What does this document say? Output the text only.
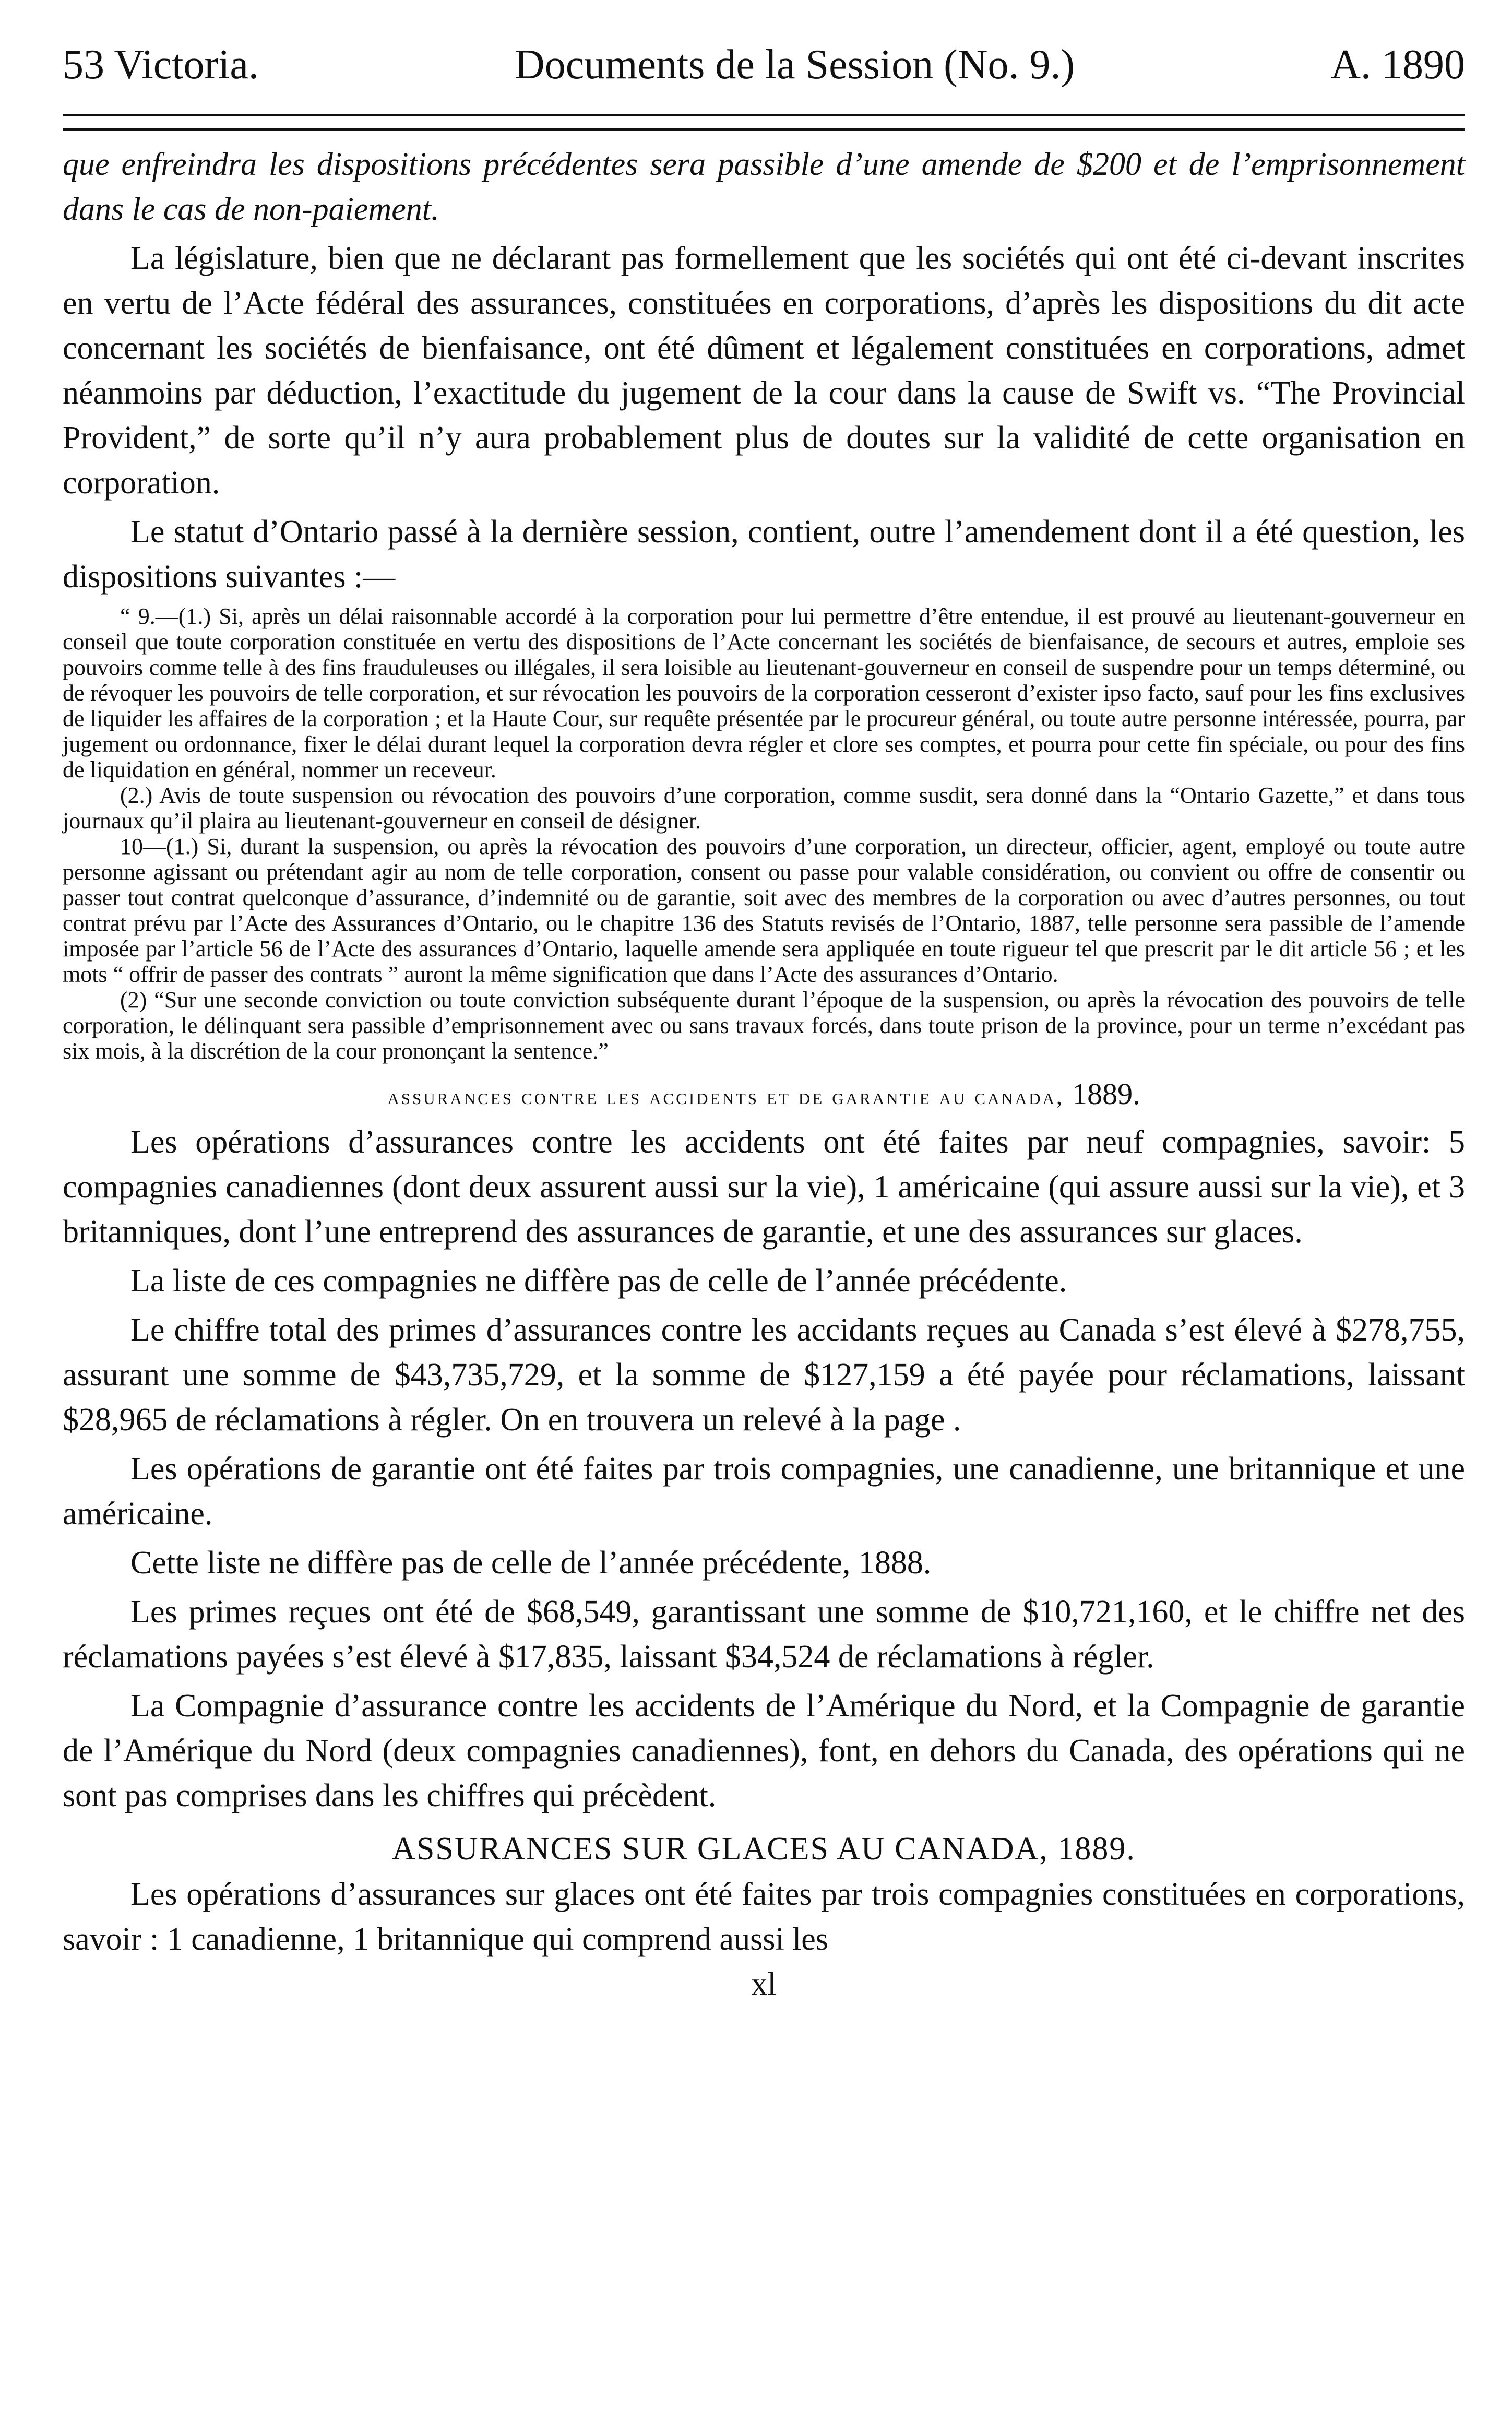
53 Victoria.	Documents de la Session (No. 9.)	A. 1890

que enfreindra les dispositions précédentes sera passible d’une amende de $200 et de l’emprisonnement dans le cas de non-paiement.

La législature, bien que ne déclarant pas formellement que les sociétés qui ont été ci-devant inscrites en vertu de l’Acte fédéral des assurances, constituées en corporations, d’après les dispositions du dit acte concernant les sociétés de bienfaisance, ont été dûment et légalement constituées en corporations, admet néanmoins par déduction, l’exactitude du jugement de la cour dans la cause de Swift vs. “The Provincial Provident,” de sorte qu’il n’y aura probablement plus de doutes sur la validité de cette organisation en corporation.

Le statut d’Ontario passé à la dernière session, contient, outre l’amendement dont il a été question, les dispositions suivantes :—

“ 9.—(1.) Si, après un délai raisonnable accordé à la corporation pour lui permettre d’être entendue, il est prouvé au lieutenant-gouverneur en conseil que toute corporation constituée en vertu des dispositions de l’Acte concernant les sociétés de bienfaisance, de secours et autres, emploie ses pouvoirs comme telle à des fins frauduleuses ou illégales, il sera loisible au lieutenant-gouverneur en conseil de suspendre pour un temps déterminé, ou de révoquer les pouvoirs de telle corporation, et sur révocation les pouvoirs de la corporation cesseront d’exister ipso facto, sauf pour les fins exclusives de liquider les affaires de la corporation ; et la Haute Cour, sur requête présentée par le procureur général, ou toute autre personne intéressée, pourra, par jugement ou ordonnance, fixer le délai durant lequel la corporation devra régler et clore ses comptes, et pourra pour cette fin spéciale, ou pour des fins de liquidation en général, nommer un receveur.

(2.) Avis de toute suspension ou révocation des pouvoirs d’une corporation, comme susdit, sera donné dans la “Ontario Gazette,” et dans tous journaux qu’il plaira au lieutenant-gouverneur en conseil de désigner.

10—(1.) Si, durant la suspension, ou après la révocation des pouvoirs d’une corporation, un directeur, officier, agent, employé ou toute autre personne agissant ou prétendant agir au nom de telle corporation, consent ou passe pour valable considération, ou convient ou offre de consentir ou passer tout contrat quelconque d’assurance, d’indemnité ou de garantie, soit avec des membres de la corporation ou avec d’autres personnes, ou tout contrat prévu par l’Acte des Assurances d’Ontario, ou le chapitre 136 des Statuts revisés de l’Ontario, 1887, telle personne sera passible de l’amende imposée par l’article 56 de l’Acte des assurances d’Ontario, laquelle amende sera appliquée en toute rigueur tel que prescrit par le dit article 56 ; et les mots “ offrir de passer des contrats ” auront la même signification que dans l’Acte des assurances d’Ontario.

(2) “Sur une seconde conviction ou toute conviction subséquente durant l’époque de la suspension, ou après la révocation des pouvoirs de telle corporation, le délinquant sera passible d’emprisonnement avec ou sans travaux forcés, dans toute prison de la province, pour un terme n’excédant pas six mois, à la discrétion de la cour prononçant la sentence.”

assurances contre les accidents et de garantie au canada, 1889.

Les opérations d’assurances contre les accidents ont été faites par neuf compagnies, savoir: 5 compagnies canadiennes (dont deux assurent aussi sur la vie), 1 américaine (qui assure aussi sur la vie), et 3 britanniques, dont l’une entreprend des assurances de garantie, et une des assurances sur glaces.

La liste de ces compagnies ne diffère pas de celle de l’année précédente.

Le chiffre total des primes d’assurances contre les accidants reçues au Canada s’est élevé à $278,755, assurant une somme de $43,735,729, et la somme de $127,159 a été payée pour réclamations, laissant $28,965 de réclamations à régler. On en trouvera un relevé à la page .

Les opérations de garantie ont été faites par trois compagnies, une canadienne, une britannique et une américaine.

Cette liste ne diffère pas de celle de l’année précédente, 1888.

Les primes reçues ont été de $68,549, garantissant une somme de $10,721,160, et le chiffre net des réclamations payées s’est élevé à $17,835, laissant $34,524 de réclamations à régler.

La Compagnie d’assurance contre les accidents de l’Amérique du Nord, et la Compagnie de garantie de l’Amérique du Nord (deux compagnies canadiennes), font, en dehors du Canada, des opérations qui ne sont pas comprises dans les chiffres qui précèdent.

ASSURANCES SUR GLACES AU CANADA, 1889.

Les opérations d’assurances sur glaces ont été faites par trois compagnies constituées en corporations, savoir : 1 canadienne, 1 britannique qui comprend aussi les

xl
